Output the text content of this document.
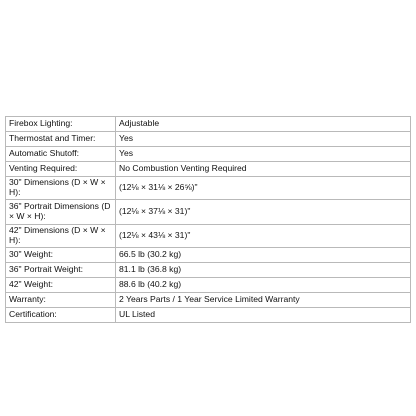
Firebox Lighting:	Adjustable
Thermostat and Timer:	Yes
Automatic Shutoff:	Yes
Venting Required:	No Combustion Venting Required
30" Dimensions (D × W × H):	(12⅛ × 31⅛ × 26⅝)"
36" Portrait Dimensions (D × W × H):	(12⅛ × 37⅛ × 31)"
42" Dimensions (D × W × H):	(12⅛ × 43⅛ × 31)"
30" Weight:	66.5 lb (30.2 kg)
36" Portrait Weight:	81.1 lb (36.8 kg)
42" Weight:	88.6 lb (40.2 kg)
Warranty:	2 Years Parts / 1 Year Service Limited Warranty
Certification:	UL Listed
